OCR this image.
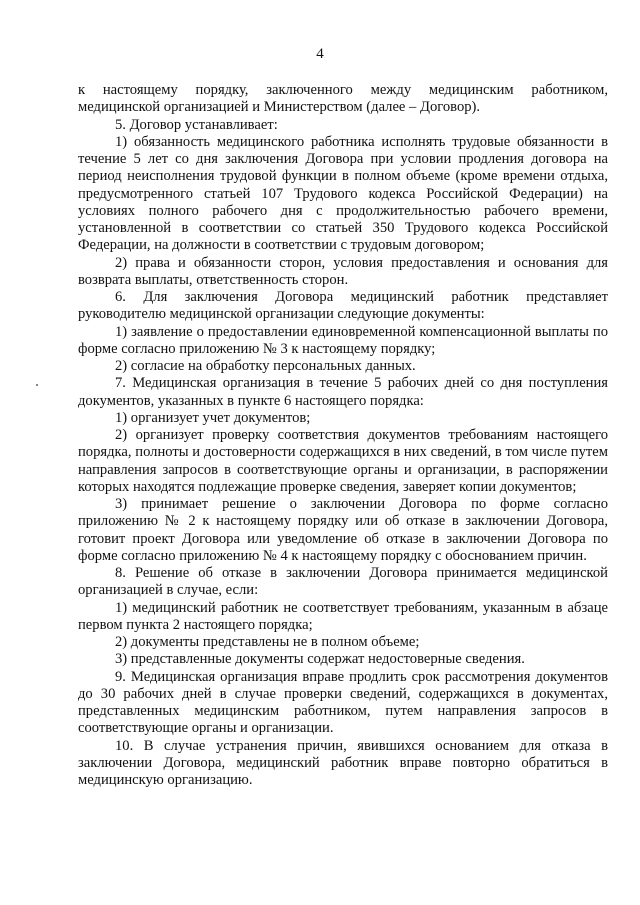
4

к настоящему порядку, заключенного между медицинским работником, медицинской организацией и Министерством (далее – Договор).

5. Договор устанавливает:

1) обязанность медицинского работника исполнять трудовые обязанности в течение 5 лет со дня заключения Договора при условии продления договора на период неисполнения трудовой функции в полном объеме (кроме времени отдыха, предусмотренного статьей 107 Трудового кодекса Российской Федерации) на условиях полного рабочего дня с продолжительностью рабочего времени, установленной в соответствии со статьей 350 Трудового кодекса Российской Федерации, на должности в соответствии с трудовым договором;

2) права и обязанности сторон, условия предоставления и основания для возврата выплаты, ответственность сторон.

6. Для заключения Договора медицинский работник представляет руководителю медицинской организации следующие документы:

1) заявление о предоставлении единовременной компенсационной выплаты по форме согласно приложению № 3 к настоящему порядку;

2) согласие на обработку персональных данных.

7. Медицинская организация в течение 5 рабочих дней со дня поступления документов, указанных в пункте 6 настоящего порядка:

1) организует учет документов;

2) организует проверку соответствия документов требованиям настоящего порядка, полноты и достоверности содержащихся в них сведений, в том числе путем направления запросов в соответствующие органы и организации, в распоряжении которых находятся подлежащие проверке сведения, заверяет копии документов;

3) принимает решение о заключении Договора по форме согласно приложению № 2 к настоящему порядку или об отказе в заключении Договора, готовит проект Договора или уведомление об отказе в заключении Договора по форме согласно приложению № 4 к настоящему порядку с обоснованием причин.

8. Решение об отказе в заключении Договора принимается медицинской организацией в случае, если:

1) медицинский работник не соответствует требованиям, указанным в абзаце первом пункта 2 настоящего порядка;

2) документы представлены не в полном объеме;

3) представленные документы содержат недостоверные сведения.

9. Медицинская организация вправе продлить срок рассмотрения документов до 30 рабочих дней в случае проверки сведений, содержащихся в документах, представленных медицинским работником, путем направления запросов в соответствующие органы и организации.

10. В случае устранения причин, явившихся основанием для отказа в заключении Договора, медицинский работник вправе повторно обратиться в медицинскую организацию.
